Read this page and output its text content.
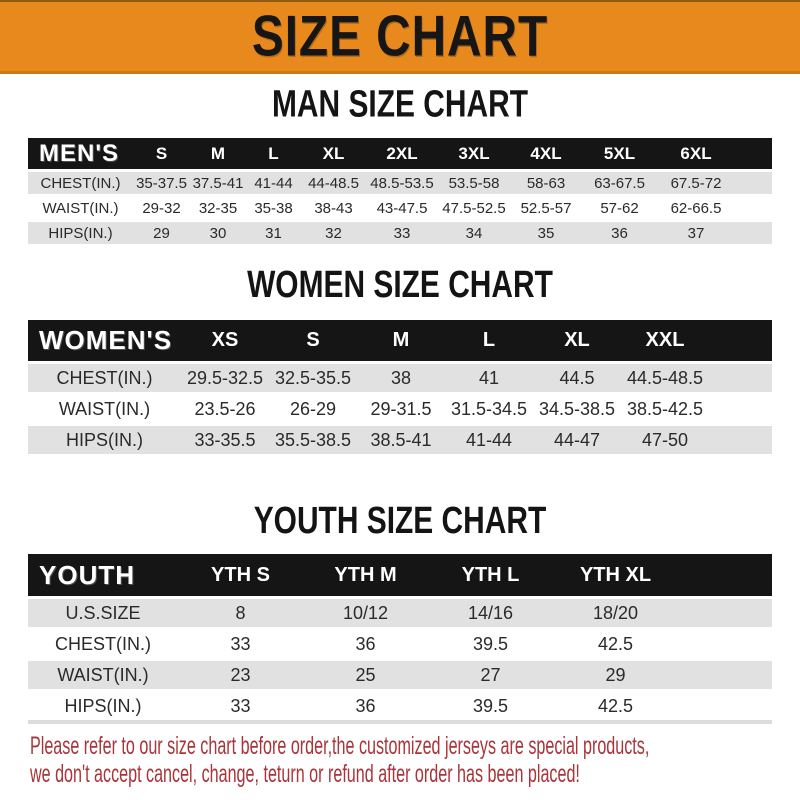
SIZE CHART
MAN SIZE CHART
MEN'S	S	M	L	XL	2XL	3XL	4XL	5XL	6XL
CHEST(IN.)	35-37.5 37.5-41 41-44	44-48.5 48.5-53.5 53.5-58	58-63	63-67.5	67.5-72
WAIST(IN.)	29-32	32-35	35-38	38-43	43-47.5 47.5-52.5 52.5-57	57-62	62-66.5
HIPS(IN.)	29	30	31	32	33	34	35	36	37
WOMEN SIZE CHART
WOMEN'S	XS	S	M	L	XL	XXL
CHEST(IN.)	29.5-32.5 32.5-35.5	38	41	44.5	44.5-48.5
WAIST(IN.)	23.5-26	26-29	29-31.5	31.5-34.5 34.5-38.5 38.5-42.5
HIPS(IN.)	33-35.5	35.5-38.5	38.5-41	41-44	44-47	47-50
YOUTH SIZE CHART
YOUTH	YTH S	YTH M	YTH L	YTH XL
U.S.SIZE	8	10/12	14/16	18/20
CHEST(IN.)	33	36	39.5	42.5
WAIST(IN.)	23	25	27	29
HIPS(IN.)	33	36	39.5	42.5
Please refer to our size chart before order,the customized jerseys are special products,
we don't accept cancel, change, teturn or refund after order has been placed!
